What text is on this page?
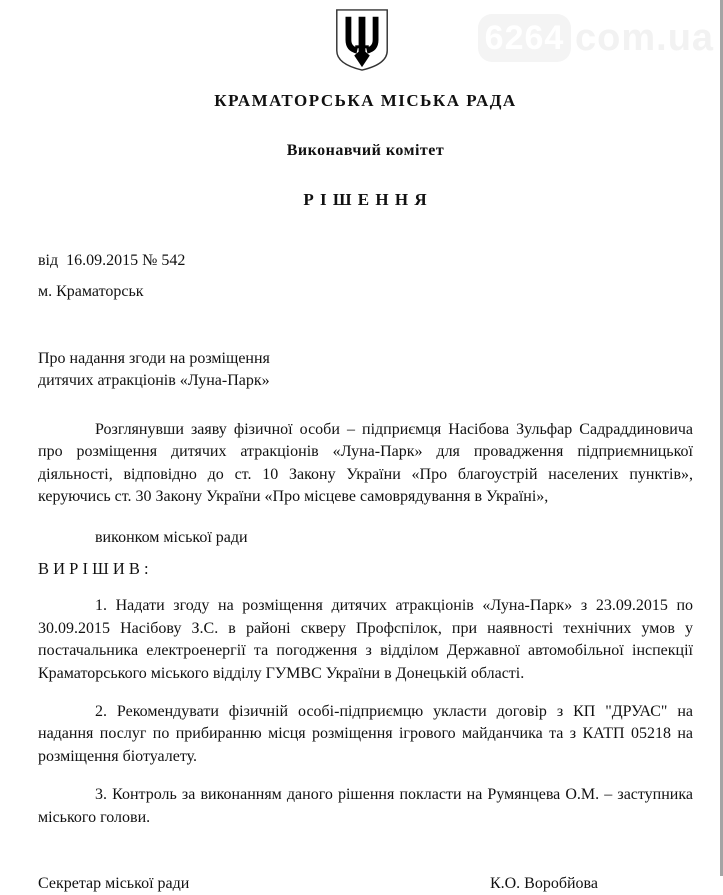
6264 com.ua
КРАМАТОРСЬКА МІСЬКА РАДА
Виконавчий комітет
Р І Ш Е Н Н Я
від  16.09.2015 № 542
м. Краматорськ
Про надання згоди на розміщення
дитячих атракціонів «Луна-Парк»

Розглянувши заяву фізичної особи – підприємця Насібова Зульфар Садраддиновича про розміщення дитячих атракціонів «Луна-Парк» для провадження підприємницької діяльності, відповідно до ст. 10 Закону України «Про благоустрій населених пунктів», керуючись ст. 30 Закону України «Про місцеве самоврядування в Україні»,

виконком міської ради
В И Р І Ш И В :

1. Надати згоду на розміщення дитячих атракціонів «Луна-Парк» з 23.09.2015 по 30.09.2015 Насібову З.С. в районі скверу Профспілок, при наявності технічних умов у постачальника електроенергії та погодження з відділом Державної автомобільної інспекції Краматорського міського відділу ГУМВС України в Донецькій області.

2. Рекомендувати фізичній особі-підприємцю укласти договір з КП "ДРУАС" на надання послуг по прибиранню місця розміщення ігрового майданчика та з КАТП 05218 на розміщення біотуалету.

3. Контроль за виконанням даного рішення покласти на Румянцева О.М. – заступника міського голови.

Секретар міської ради	К.О. Воробйова
